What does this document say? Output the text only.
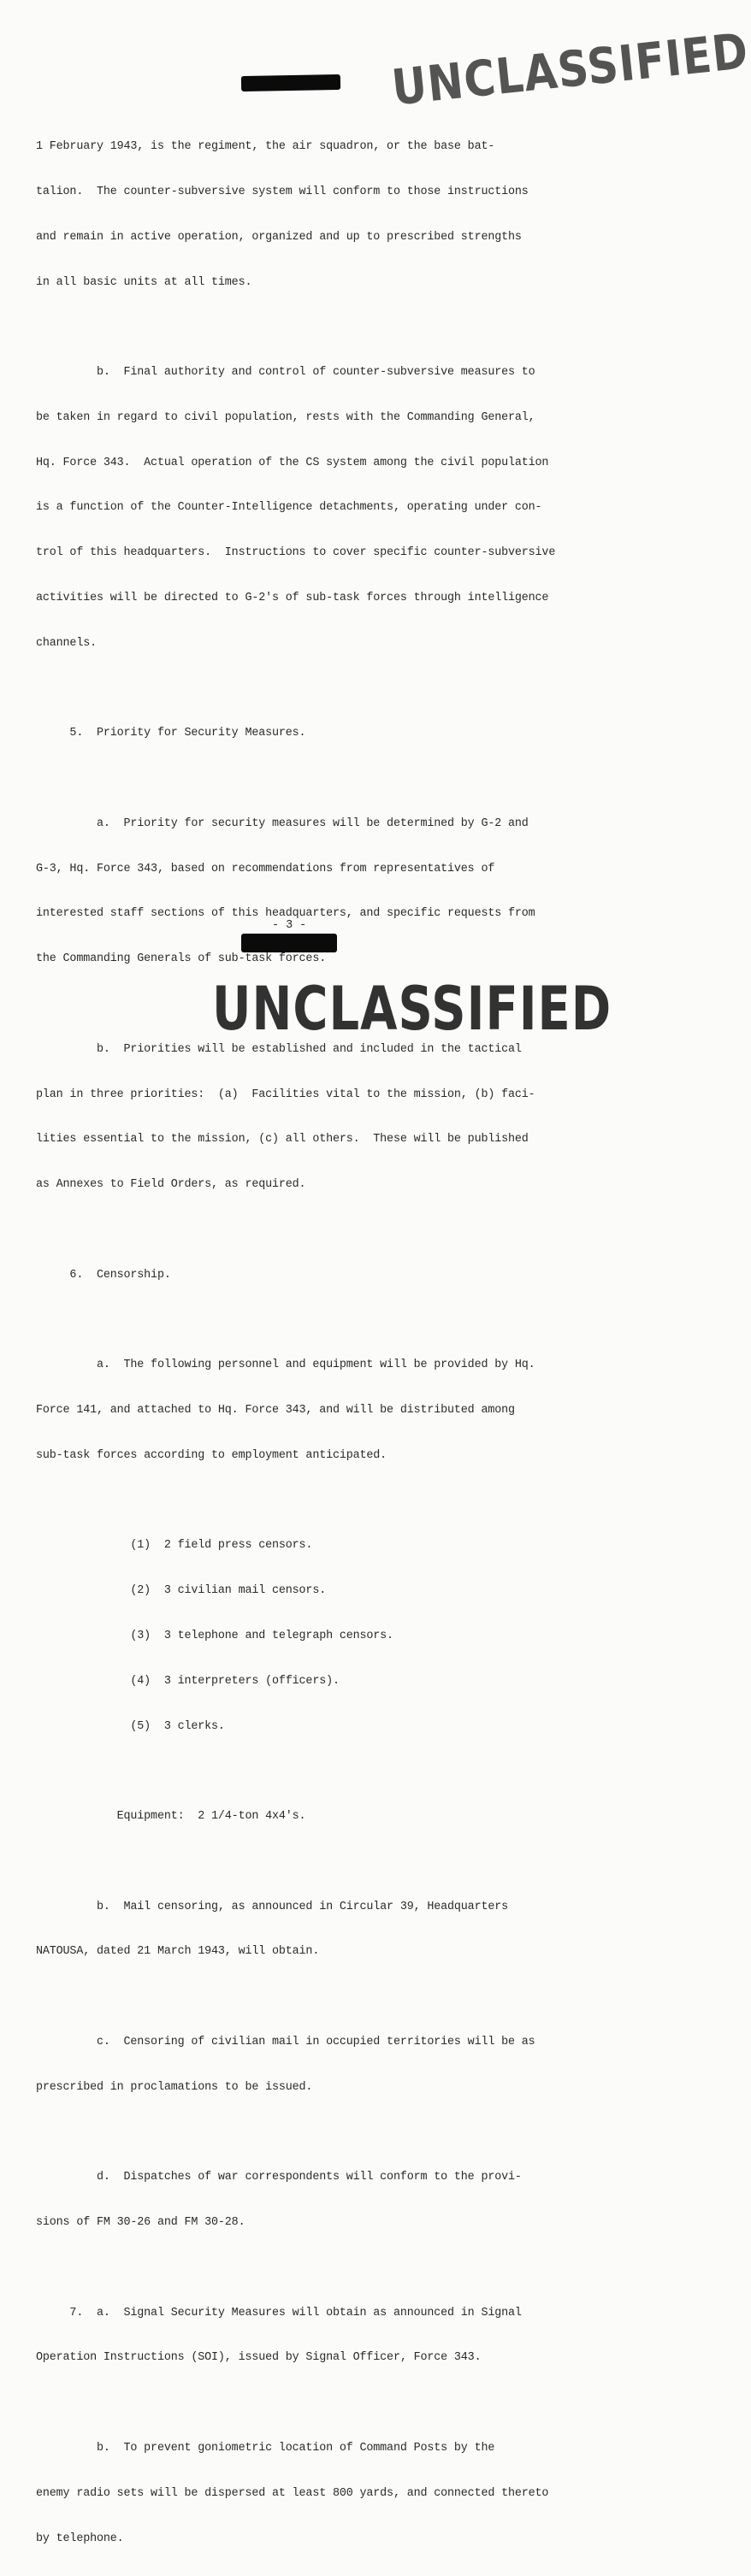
UNCLASSIFIED

1 February 1943, is the regiment, the air squadron, or the base bat-

talion.  The counter-subversive system will conform to those instructions

and remain in active operation, organized and up to prescribed strengths

in all basic units at all times.

b.  Final authority and control of counter-subversive measures to

be taken in regard to civil population, rests with the Commanding General,

Hq. Force 343.  Actual operation of the CS system among the civil population

is a function of the Counter-Intelligence detachments, operating under con-

trol of this headquarters.  Instructions to cover specific counter-subversive

activities will be directed to G-2's of sub-task forces through intelligence

channels.

5.  Priority for Security Measures.

a.  Priority for security measures will be determined by G-2 and

G-3, Hq. Force 343, based on recommendations from representatives of

interested staff sections of this headquarters, and specific requests from

the Commanding Generals of sub-task forces.

b.  Priorities will be established and included in the tactical

plan in three priorities:  (a)  Facilities vital to the mission, (b) faci-

lities essential to the mission, (c) all others.  These will be published

as Annexes to Field Orders, as required.

6.  Censorship.

a.  The following personnel and equipment will be provided by Hq.

Force 141, and attached to Hq. Force 343, and will be distributed among

sub-task forces according to employment anticipated.

(1)  2 field press censors.

(2)  3 civilian mail censors.

(3)  3 telephone and telegraph censors.

(4)  3 interpreters (officers).

(5)  3 clerks.

Equipment:  2 1/4-ton 4x4's.

b.  Mail censoring, as announced in Circular 39, Headquarters

NATOUSA, dated 21 March 1943, will obtain.

c.  Censoring of civilian mail in occupied territories will be as

prescribed in proclamations to be issued.

d.  Dispatches of war correspondents will conform to the provi-

sions of FM 30-26 and FM 30-28.

7.  a.  Signal Security Measures will obtain as announced in Signal

Operation Instructions (SOI), issued by Signal Officer, Force 343.

b.  To prevent goniometric location of Command Posts by the

enemy radio sets will be dispersed at least 800 yards, and connected thereto

by telephone.

- 3 -
UNCLASSIFIED
